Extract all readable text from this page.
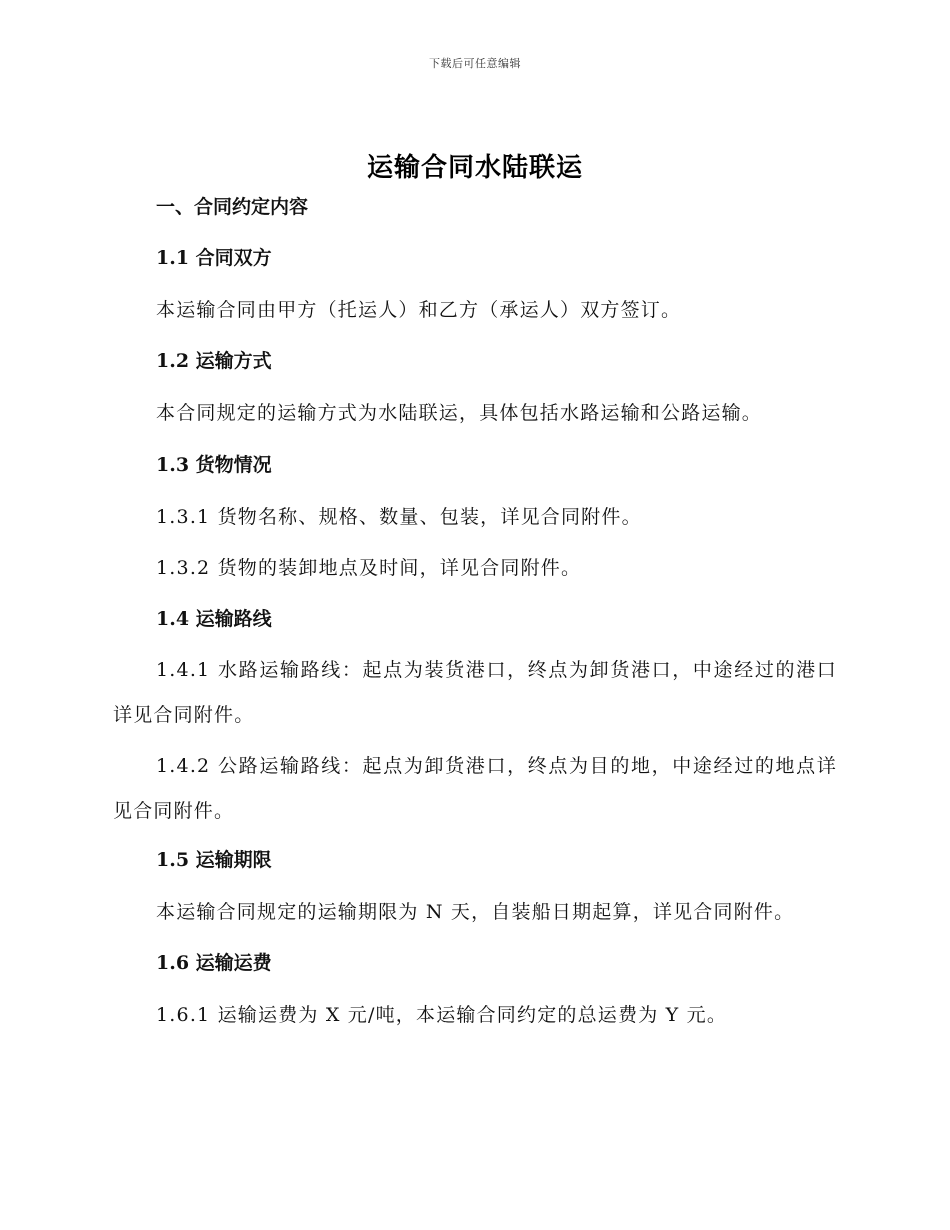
下载后可任意编辑
运输合同水陆联运
一、合同约定内容
1.1 合同双方
本运输合同由甲方（托运人）和乙方（承运人）双方签订。
1.2 运输方式
本合同规定的运输方式为水陆联运，具体包括水路运输和公路运输。
1.3 货物情况
1.3.1 货物名称、规格、数量、包装，详见合同附件。
1.3.2 货物的装卸地点及时间，详见合同附件。
1.4 运输路线
1.4.1 水路运输路线：起点为装货港口，终点为卸货港口，中途经过的港口详见合同附件。
1.4.2 公路运输路线：起点为卸货港口，终点为目的地，中途经过的地点详见合同附件。
1.5 运输期限
本运输合同规定的运输期限为 N 天，自装船日期起算，详见合同附件。
1.6 运输运费
1.6.1 运输运费为 X 元/吨，本运输合同约定的总运费为 Y 元。
